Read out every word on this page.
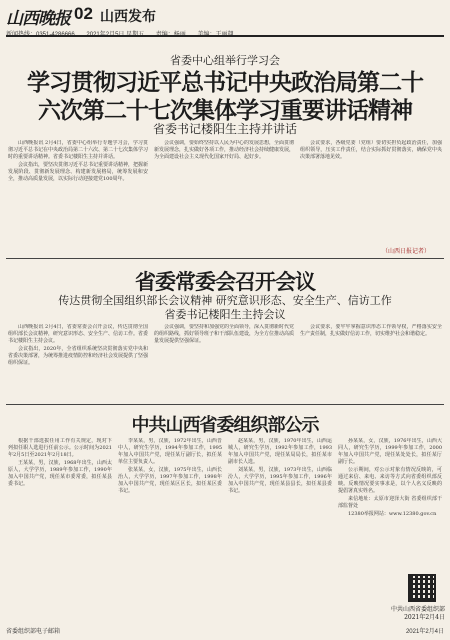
山西晚报 02 山西发布
省委中心组举行学习会
学习贯彻习近平总书记中央政治局第二十
六次第二十七次集体学习重要讲话精神
省委书记楼阳生主持并讲话

山西晚报讯 2月4日，省委中心组举行专题学习会，学习贯彻习近平总书记在中央政治局第二十六次、第二十七次集体学习时的重要讲话精神。省委书记楼阳生主持并讲话。

会议指出，要坚决贯彻习近平总书记重要讲话精神，把握新发展阶段、贯彻新发展理念、构建新发展格局，统筹发展和安全，推动高质量发展，以实际行动迎接建党100周年。

会议强调，要始终坚持以人民为中心的发展思想，全面贯彻新发展理念，扎实做好各项工作，推动经济社会持续健康发展，为全面建设社会主义现代化国家开好局、起好步。

会议要求，各级党委（党组）要切实担负起政治责任，加强组织领导，压实工作责任，结合实际抓好贯彻落实，确保党中央决策部署落地见效。

（山西日报记者）
省委常委会召开会议
传达贯彻全国组织部长会议精神 研究意识形态、安全生产、信访工作
省委书记楼阳生主持会议

山西晚报讯 2月4日，省委常委会召开会议，传达贯彻全国组织部长会议精神，研究意识形态、安全生产、信访工作。省委书记楼阳生主持会议。

会议指出，2020年，全省组织系统坚决贯彻落实党中央和省委决策部署，为统筹推进疫情防控和经济社会发展提供了坚强组织保证。

会议强调，要坚持和加强党的全面领导，深入贯彻新时代党的组织路线，抓好领导班子和干部队伍建设，为全方位推动高质量发展提供坚强保证。

会议要求，要牢牢掌握意识形态工作领导权，严格落实安全生产责任制，扎实做好信访工作，切实维护社会和谐稳定。

中共山西省委组织部公示

根据干部选拔任用工作有关规定，现对下列拟任职人选进行任前公示。公示时间为2021年2月5日至2021年2月18日。

王某某，男，汉族，1968年出生，山西太原人，大学学历，1989年参加工作，1990年加入中国共产党，现任某市委常委，拟任某县委书记。

李某某，男，汉族，1972年出生，山西晋中人，研究生学历，1994年参加工作，1995年加入中国共产党，现任某厅副厅长，拟任某单位主要负责人。

张某某，女，汉族，1975年出生，山西长治人，大学学历，1997年参加工作，1998年加入中国共产党，现任某区区长，拟任某区委书记。

赵某某，男，汉族，1970年出生，山西运城人，研究生学历，1992年参加工作，1993年加入中国共产党，现任某局局长，拟任某市副市长人选。

刘某某，男，汉族，1973年出生，山西临汾人，大学学历，1995年参加工作，1996年加入中国共产党，现任某县县长，拟任某县委书记。

孙某某，女，汉族，1976年出生，山西大同人，研究生学历，1999年参加工作，2000年加入中国共产党，现任某处处长，拟任某厅副厅长。

公示期间，对公示对象有情况反映的，可通过来信、来电、来访等方式向省委组织部反映。反映情况要实事求是，以个人名义反映的提倡署真实姓名。

来信地址：太原市迎泽大街 省委组织部干部监督处

12380举报网站：www.12380.gov.cn

中共山西省委组织部
2021年2月4日
省委组织部电子邮箱	2021年2月4日
